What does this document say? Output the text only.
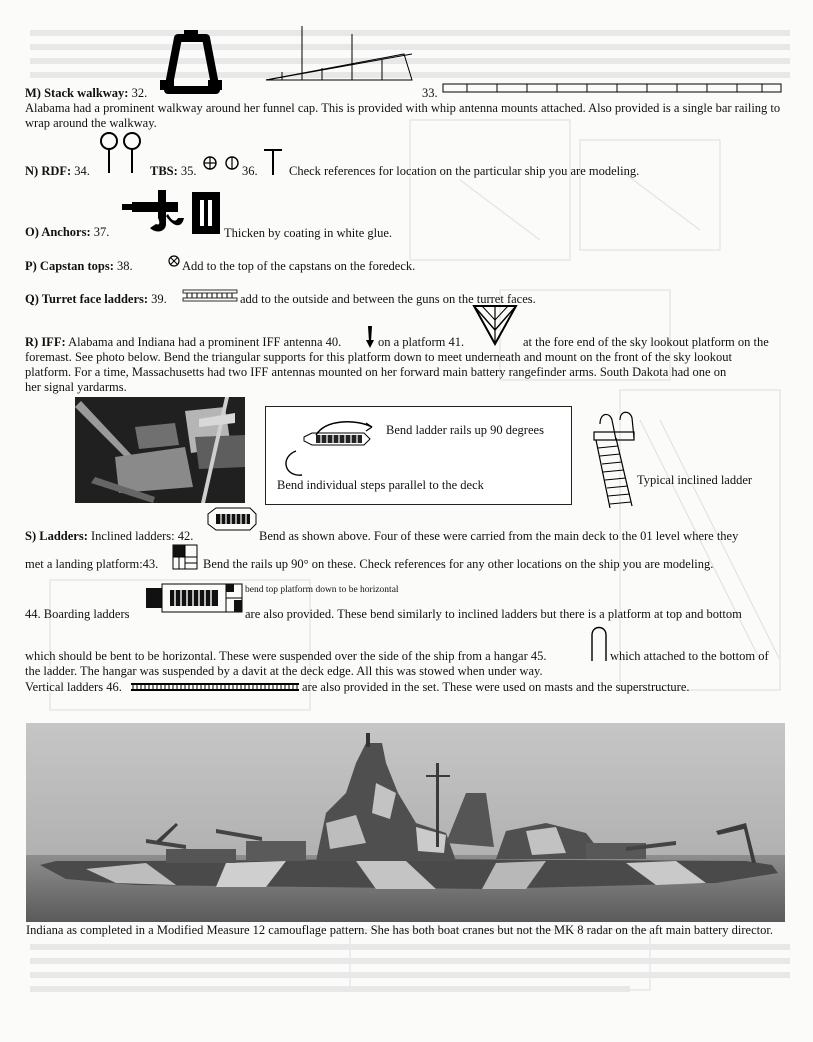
M) Stack walkway: 32.	33.
Alabama had a prominent walkway around her funnel cap. This is provided with whip antenna mounts attached. Also provided is a single bar railing to wrap around the walkway.
N) RDF: 34.	TBS: 35.	36.	Check references for location on the particular ship you are modeling.
O) Anchors: 37.	Thicken by coating in white glue.
P) Capstan tops: 38.	Add to the top of the capstans on the foredeck.
Q) Turret face ladders: 39.	add to the outside and between the guns on the turret faces.
R) IFF: Alabama and Indiana had a prominent IFF antenna 40.	on a platform 41.	at the fore end of the sky lookout platform on the
foremast. See photo below. Bend the triangular supports for this platform down to meet underneath and mount on the front of the sky lookout
platform. For a time, Massachusetts had two IFF antennas mounted on her forward main battery rangefinder arms. South Dakota had one on
her signal yardarms.
Bend ladder rails up 90 degrees
Bend individual steps parallel to the deck	Typical inclined ladder
S) Ladders: Inclined ladders: 42.	Bend as shown above. Four of these were carried from the main deck to the 01 level where they
met a landing platform:43.	Bend the rails up 90° on these. Check references for any other locations on the ship you are modeling.
bend top platform down to be horizontal
44. Boarding ladders	are also provided. These bend similarly to inclined ladders but there is a platform at top and bottom
which should be bent to be horizontal. These were suspended over the side of the ship from a hangar 45.	which attached to the bottom of
the ladder. The hangar was suspended by a davit at the deck edge. All this was stowed when under way.
Vertical ladders 46.	are also provided in the set. These were used on masts and the superstructure.
Indiana as completed in a Modified Measure 12 camouflage pattern. She has both boat cranes but not the MK 8 radar on the aft main battery director.
